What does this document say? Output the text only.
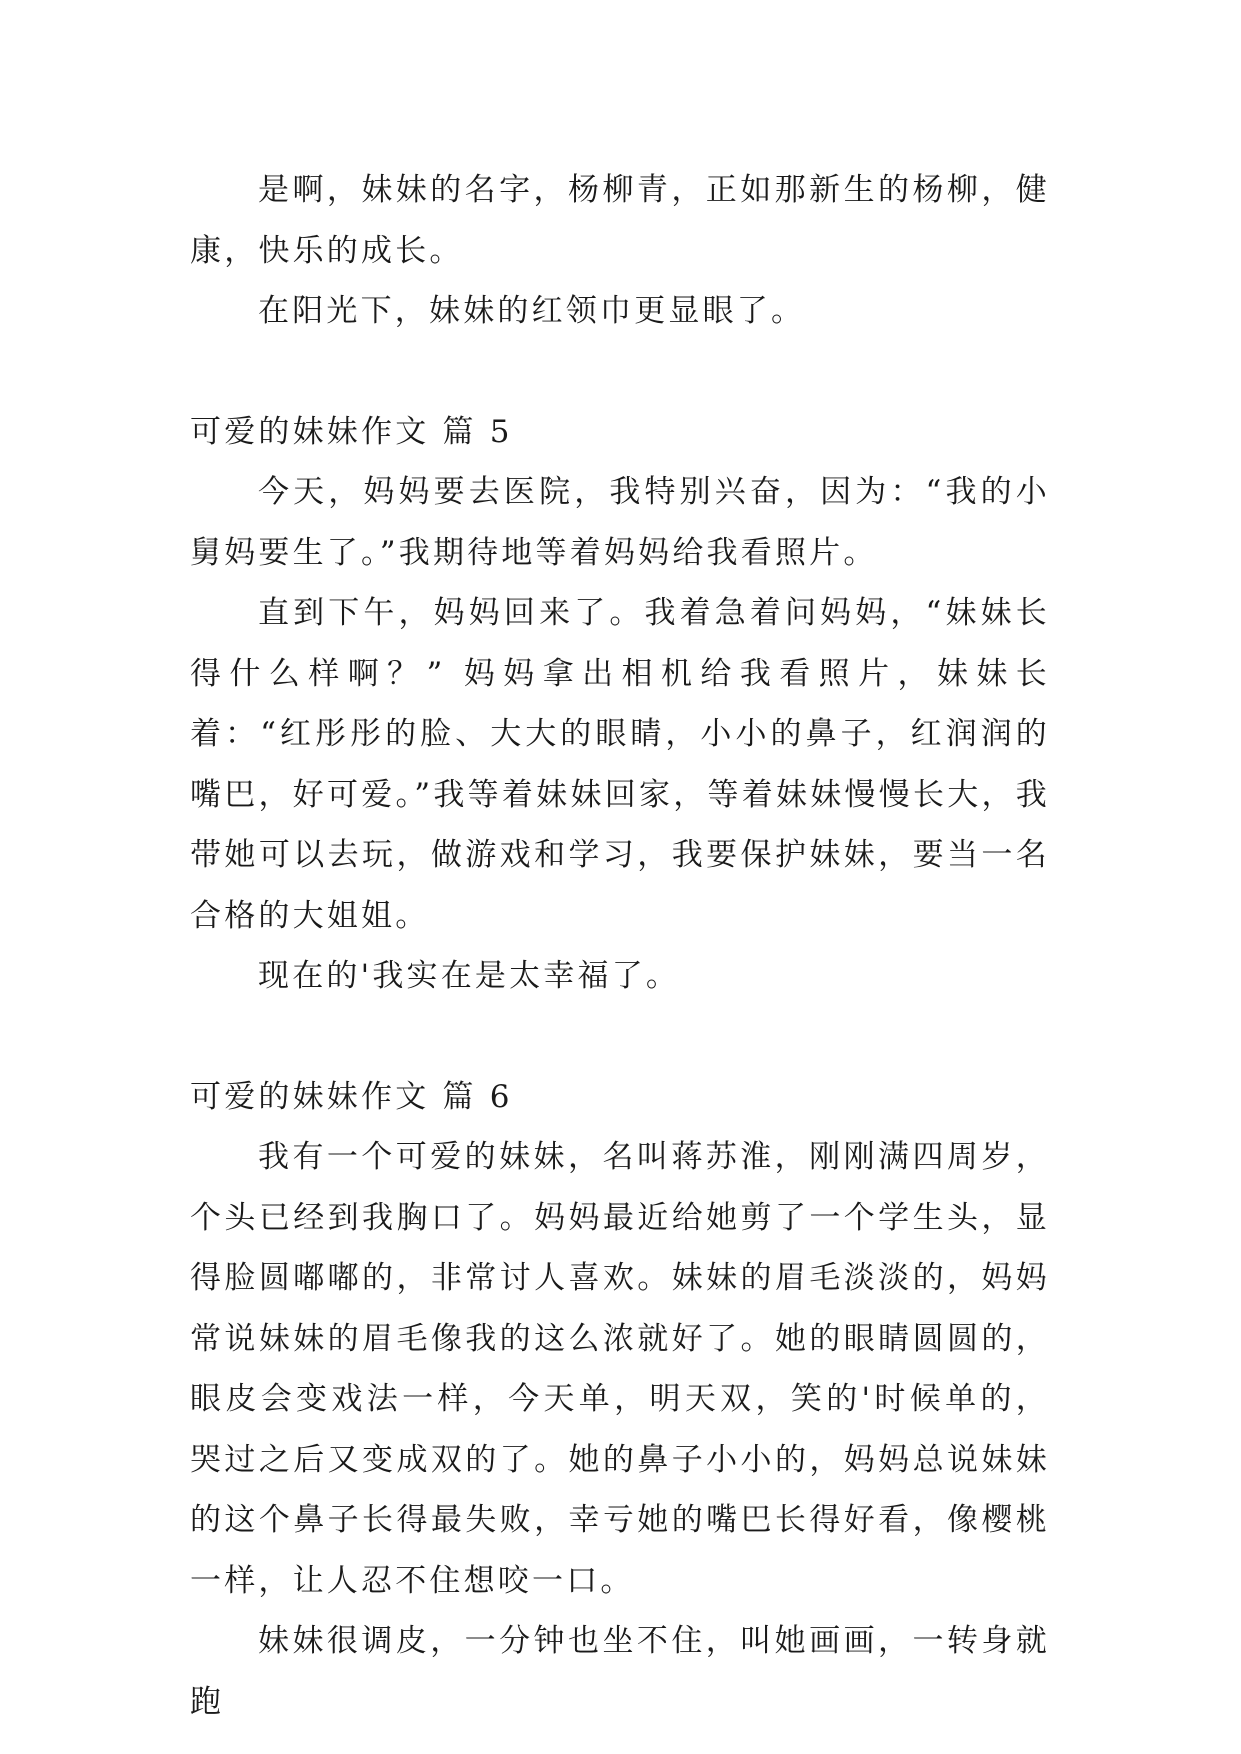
是啊，妹妹的名字，杨柳青，正如那新生的杨柳，健康，快乐的成长。

在阳光下，妹妹的红领巾更显眼了。

可爱的妹妹作文 篇 5

今天，妈妈要去医院，我特别兴奋，因为：“我的小舅妈要生了。”我期待地等着妈妈给我看照片。

直到下午，妈妈回来了。我着急着问妈妈，“妹妹长得什么样啊？” 妈妈拿出相机给我看照片，妹妹长着：“红彤彤的脸、大大的眼睛，小小的鼻子，红润润的嘴巴，好可爱。”我等着妹妹回家，等着妹妹慢慢长大，我带她可以去玩，做游戏和学习，我要保护妹妹，要当一名合格的大姐姐。

现在的'我实在是太幸福了。

可爱的妹妹作文 篇 6

我有一个可爱的妹妹，名叫蒋苏淮，刚刚满四周岁，个头已经到我胸口了。妈妈最近给她剪了一个学生头，显得脸圆嘟嘟的，非常讨人喜欢。妹妹的眉毛淡淡的，妈妈常说妹妹的眉毛像我的这么浓就好了。她的眼睛圆圆的，眼皮会变戏法一样，今天单，明天双，笑的'时候单的，哭过之后又变成双的了。她的鼻子小小的，妈妈总说妹妹的这个鼻子长得最失败，幸亏她的嘴巴长得好看，像樱桃一样，让人忍不住想咬一口。

妹妹很调皮，一分钟也坐不住，叫她画画，一转身就跑
